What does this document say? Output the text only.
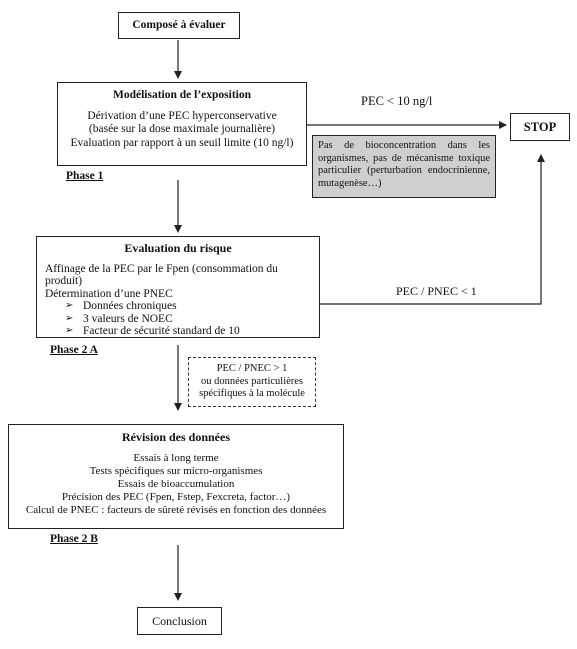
Composé à évaluer
Modélisation de l’exposition
Dérivation d’une PEC hyperconservative
(basée sur la dose maximale journalière)
Evaluation par rapport à un seuil limite (10 ng/l)
Phase 1
PEC < 10 ng/l
STOP
Pas de bioconcentration dans les organismes, pas de mécanisme toxique particulier (perturbation endocrinienne, mutagenèse…)
Evaluation du risque
Affinage de la PEC par le Fpen (consommation du produit)
Détermination d’une PNEC
➢ Données chroniques
➢ 3 valeurs de NOEC
➢ Facteur de sécurité standard de 10
Phase 2 A
PEC / PNEC < 1
PEC / PNEC > 1
ou données particulières
spécifiques à la molécule
Révision des données
Essais à long terme
Tests spécifiques sur micro-organismes
Essais de bioaccumulation
Précision des PEC (Fpen, Fstep, Fexcreta, factor…)
Calcul de PNEC : facteurs de sûreté révisés en fonction des données
Phase 2 B
Conclusion
